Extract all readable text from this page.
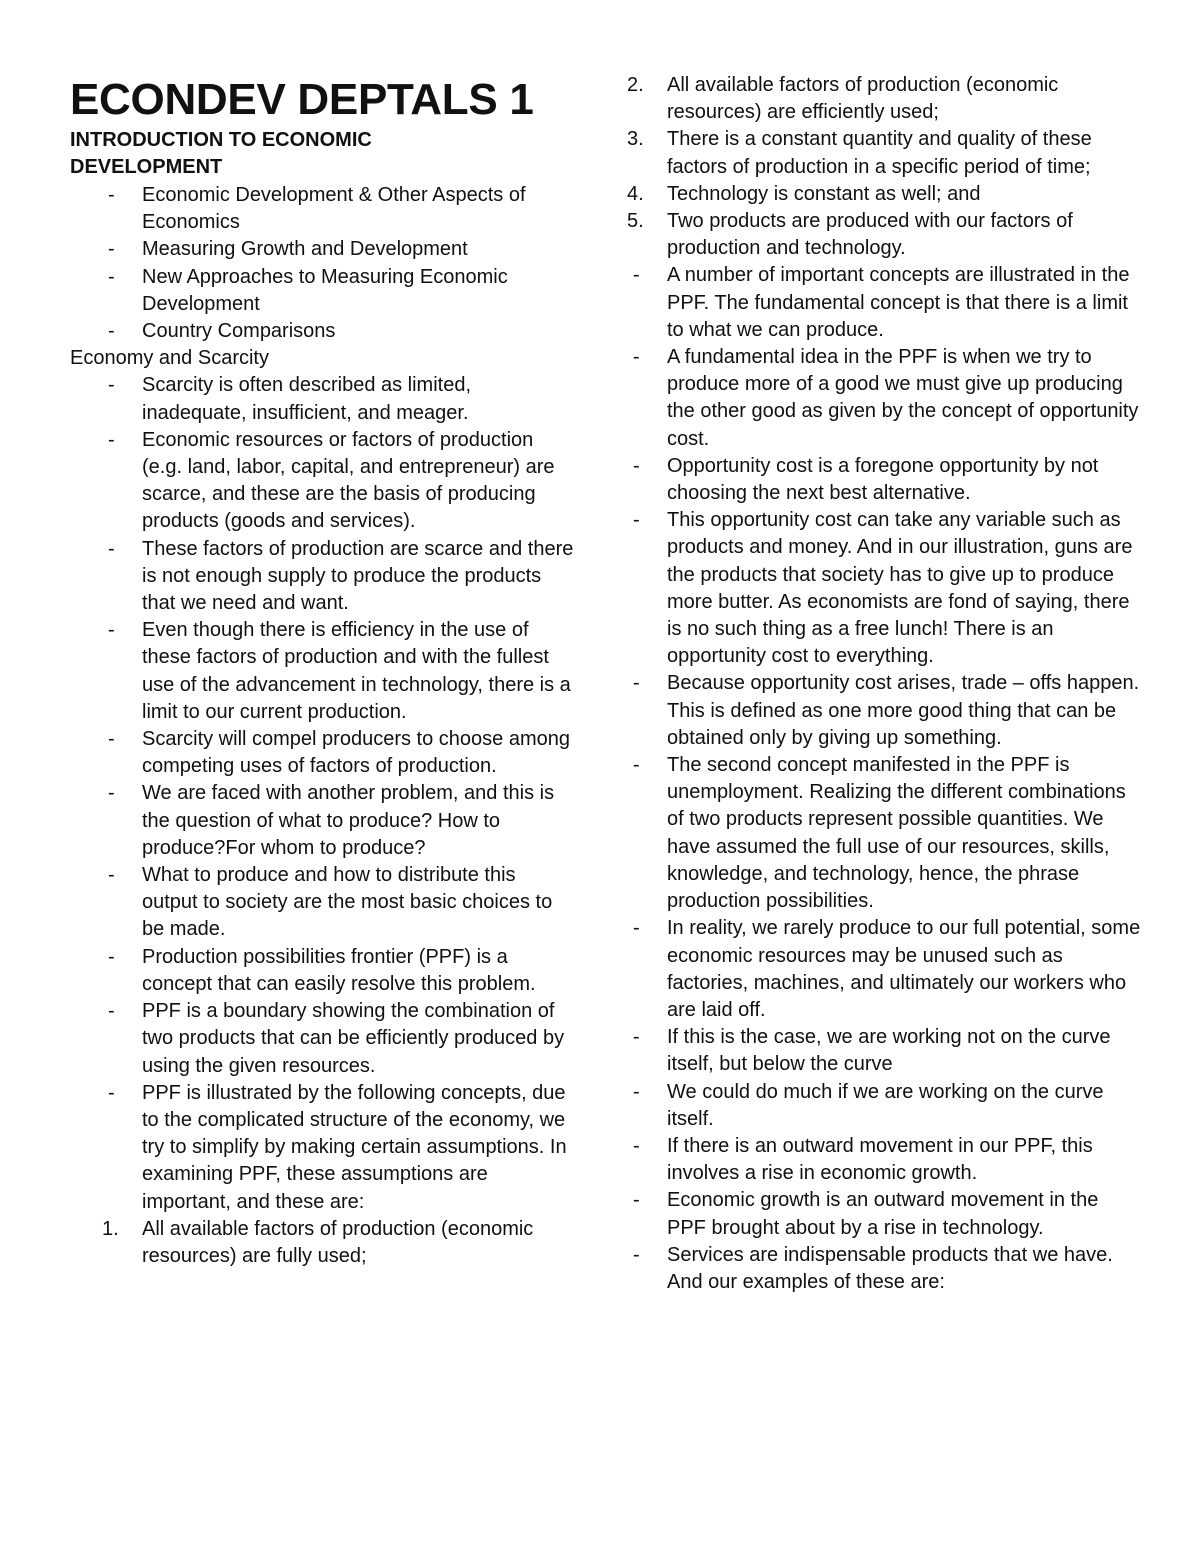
ECONDEV DEPTALS 1
INTRODUCTION TO ECONOMIC DEVELOPMENT
- Economic Development & Other Aspects of Economics
- Measuring Growth and Development
- New Approaches to Measuring Economic Development
- Country Comparisons

Economy and Scarcity

- Scarcity is often described as limited, inadequate, insufficient, and meager.
- Economic resources or factors of production (e.g. land, labor, capital, and entrepreneur) are scarce, and these are the basis of producing products (goods and services).
- These factors of production are scarce and there is not enough supply to produce the products that we need and want.
- Even though there is efficiency in the use of these factors of production and with the fullest use of the advancement in technology, there is a limit to our current production.
- Scarcity will compel producers to choose among competing uses of factors of production.
- We are faced with another problem, and this is the question of what to produce? How to produce?For whom to produce?
- What to produce and how to distribute this output to society are the most basic choices to be made.
- Production possibilities frontier (PPF) is a concept that can easily resolve this problem.
- PPF is a boundary showing the combination of two products that can be efficiently produced by using the given resources.
- PPF is illustrated by the following concepts, due to the complicated structure of the economy, we try to simplify by making certain assumptions. In examining PPF, these assumptions are important, and these are:
1. All available factors of production (economic resources) are fully used;
2. All available factors of production (economic resources) are efficiently used;
3. There is a constant quantity and quality of these factors of production in a specific period of time;
4. Technology is constant as well; and
5. Two products are produced with our factors of production and technology.
- A number of important concepts are illustrated in the PPF. The fundamental concept is that there is a limit to what we can produce.
- A fundamental idea in the PPF is when we try to produce more of a good we must give up producing the other good as given by the concept of opportunity cost.
- Opportunity cost is a foregone opportunity by not choosing the next best alternative.
- This opportunity cost can take any variable such as products and money. And in our illustration, guns are the products that society has to give up to produce more butter. As economists are fond of saying, there is no such thing as a free lunch! There is an opportunity cost to everything.
- Because opportunity cost arises, trade – offs happen. This is defined as one more good thing that can be obtained only by giving up something.
- The second concept manifested in the PPF is unemployment. Realizing the different combinations of two products represent possible quantities. We have assumed the full use of our resources, skills, knowledge, and technology, hence, the phrase production possibilities.
- In reality, we rarely produce to our full potential, some economic resources may be unused such as factories, machines, and ultimately our workers who are laid off.
- If this is the case, we are working not on the curve itself, but below the curve
- We could do much if we are working on the curve itself.
- If there is an outward movement in our PPF, this involves a rise in economic growth.
- Economic growth is an outward movement in the PPF brought about by a rise in technology.
- Services are indispensable products that we have. And our examples of these are:
